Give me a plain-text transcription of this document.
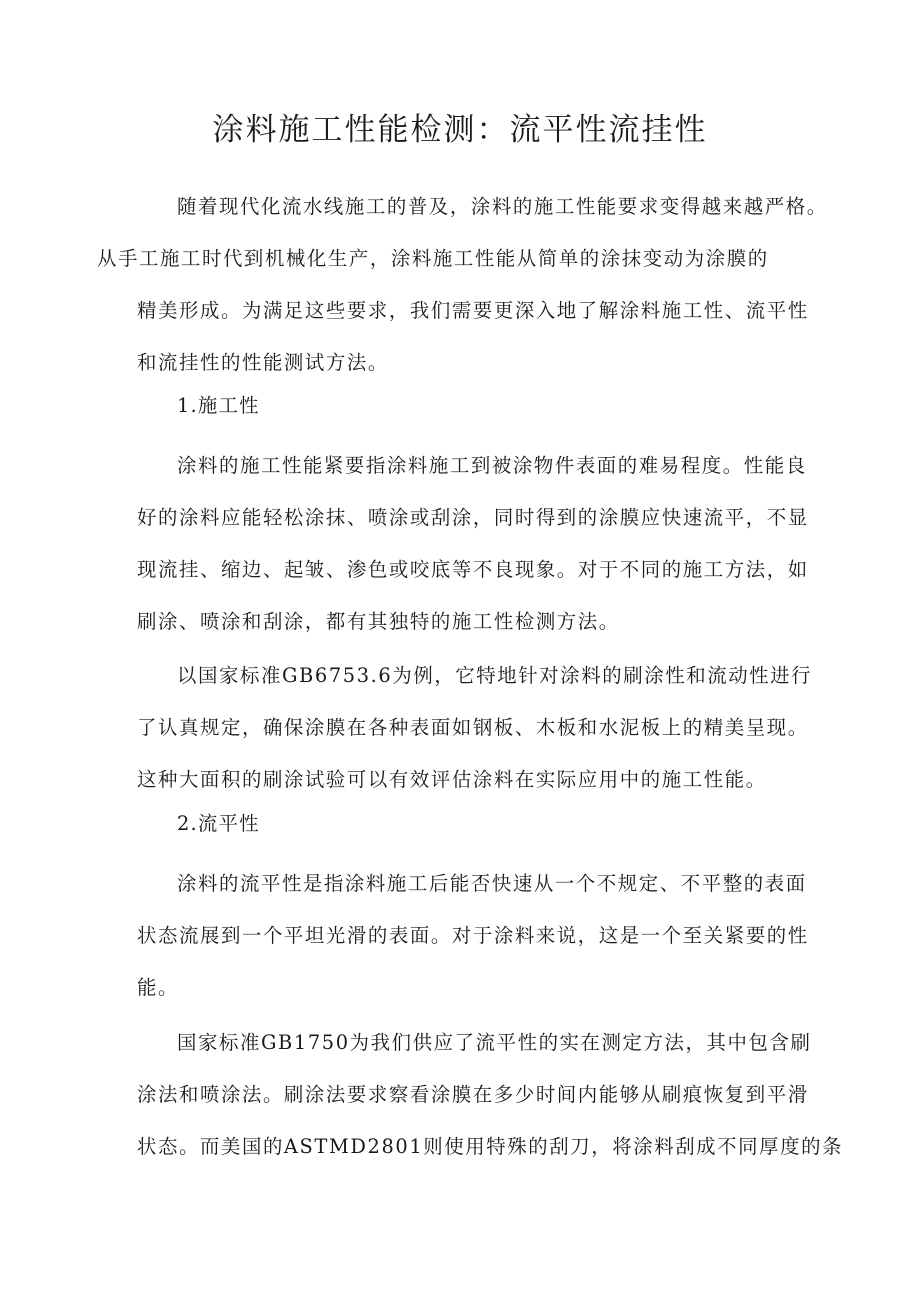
涂料施工性能检测：流平性流挂性

随着现代化流水线施工的普及，涂料的施工性能要求变得越来越严格。
从手工施工时代到机械化生产，涂料施工性能从简单的涂抹变动为涂膜的
精美形成。为满足这些要求，我们需要更深入地了解涂料施工性、流平性
和流挂性的性能测试方法。

1.施工性

涂料的施工性能紧要指涂料施工到被涂物件表面的难易程度。性能良
好的涂料应能轻松涂抹、喷涂或刮涂，同时得到的涂膜应快速流平，不显
现流挂、缩边、起皱、渗色或咬底等不良现象。对于不同的施工方法，如
刷涂、喷涂和刮涂，都有其独特的施工性检测方法。

以国家标准GB6753.6为例，它特地针对涂料的刷涂性和流动性进行
了认真规定，确保涂膜在各种表面如钢板、木板和水泥板上的精美呈现。
这种大面积的刷涂试验可以有效评估涂料在实际应用中的施工性能。

2.流平性

涂料的流平性是指涂料施工后能否快速从一个不规定、不平整的表面
状态流展到一个平坦光滑的表面。对于涂料来说，这是一个至关紧要的性
能。

国家标准GB1750为我们供应了流平性的实在测定方法，其中包含刷
涂法和喷涂法。刷涂法要求察看涂膜在多少时间内能够从刷痕恢复到平滑
状态。而美国的ASTMD2801则使用特殊的刮刀，将涂料刮成不同厚度的条
